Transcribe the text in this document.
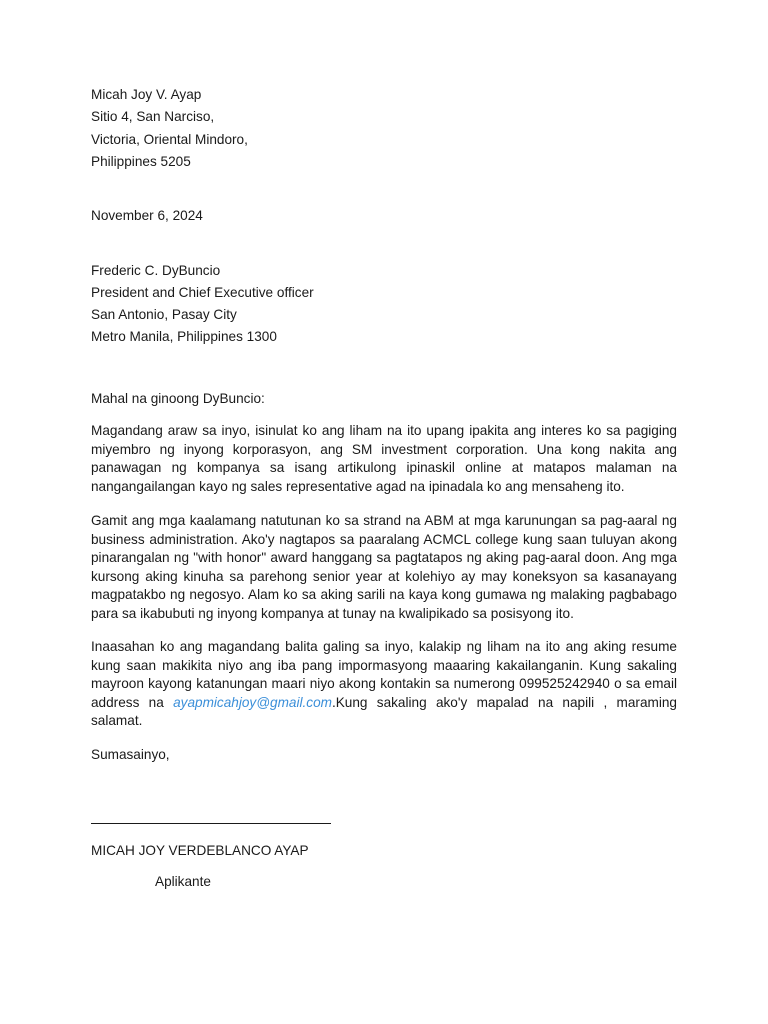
Micah Joy V. Ayap
Sitio 4, San Narciso,
Victoria, Oriental Mindoro,
Philippines 5205
November 6, 2024
Frederic C. DyBuncio
President and Chief Executive officer
San Antonio, Pasay City
Metro Manila, Philippines 1300
Mahal na ginoong DyBuncio:
Magandang araw sa inyo, isinulat ko ang liham na ito upang ipakita ang interes ko sa pagiging miyembro ng inyong korporasyon, ang SM investment corporation. Una kong nakita ang panawagan ng kompanya sa isang artikulong ipinaskil online at matapos malaman na nangangailangan kayo ng sales representative agad na ipinadala ko ang mensaheng ito.
Gamit ang mga kaalamang natutunan ko sa strand na ABM at mga karunungan sa pag-aaral ng business administration. Ako'y nagtapos sa paaralang ACMCL college kung saan tuluyan akong pinarangalan ng "with honor" award hanggang sa pagtatapos ng aking pag-aaral doon. Ang mga kursong aking kinuha sa parehong senior year at kolehiyo ay may koneksyon sa kasanayang magpatakbo ng negosyo. Alam ko sa aking sarili na kaya kong gumawa ng malaking pagbabago para sa ikabubuti ng inyong kompanya at tunay na kwalipikado sa posisyong ito.
Inaasahan ko ang magandang balita galing sa inyo, kalakip ng liham na ito ang aking resume kung saan makikita niyo ang iba pang impormasyong maaaring kakailanganin. Kung sakaling mayroon kayong katanungan maari niyo akong kontakin sa numerong 099525242940 o sa email address na ayapmicahjoy@gmail.com.Kung sakaling ako'y mapalad na napili , maraming salamat.
Sumasainyo,
MICAH JOY VERDEBLANCO AYAP
Aplikante
